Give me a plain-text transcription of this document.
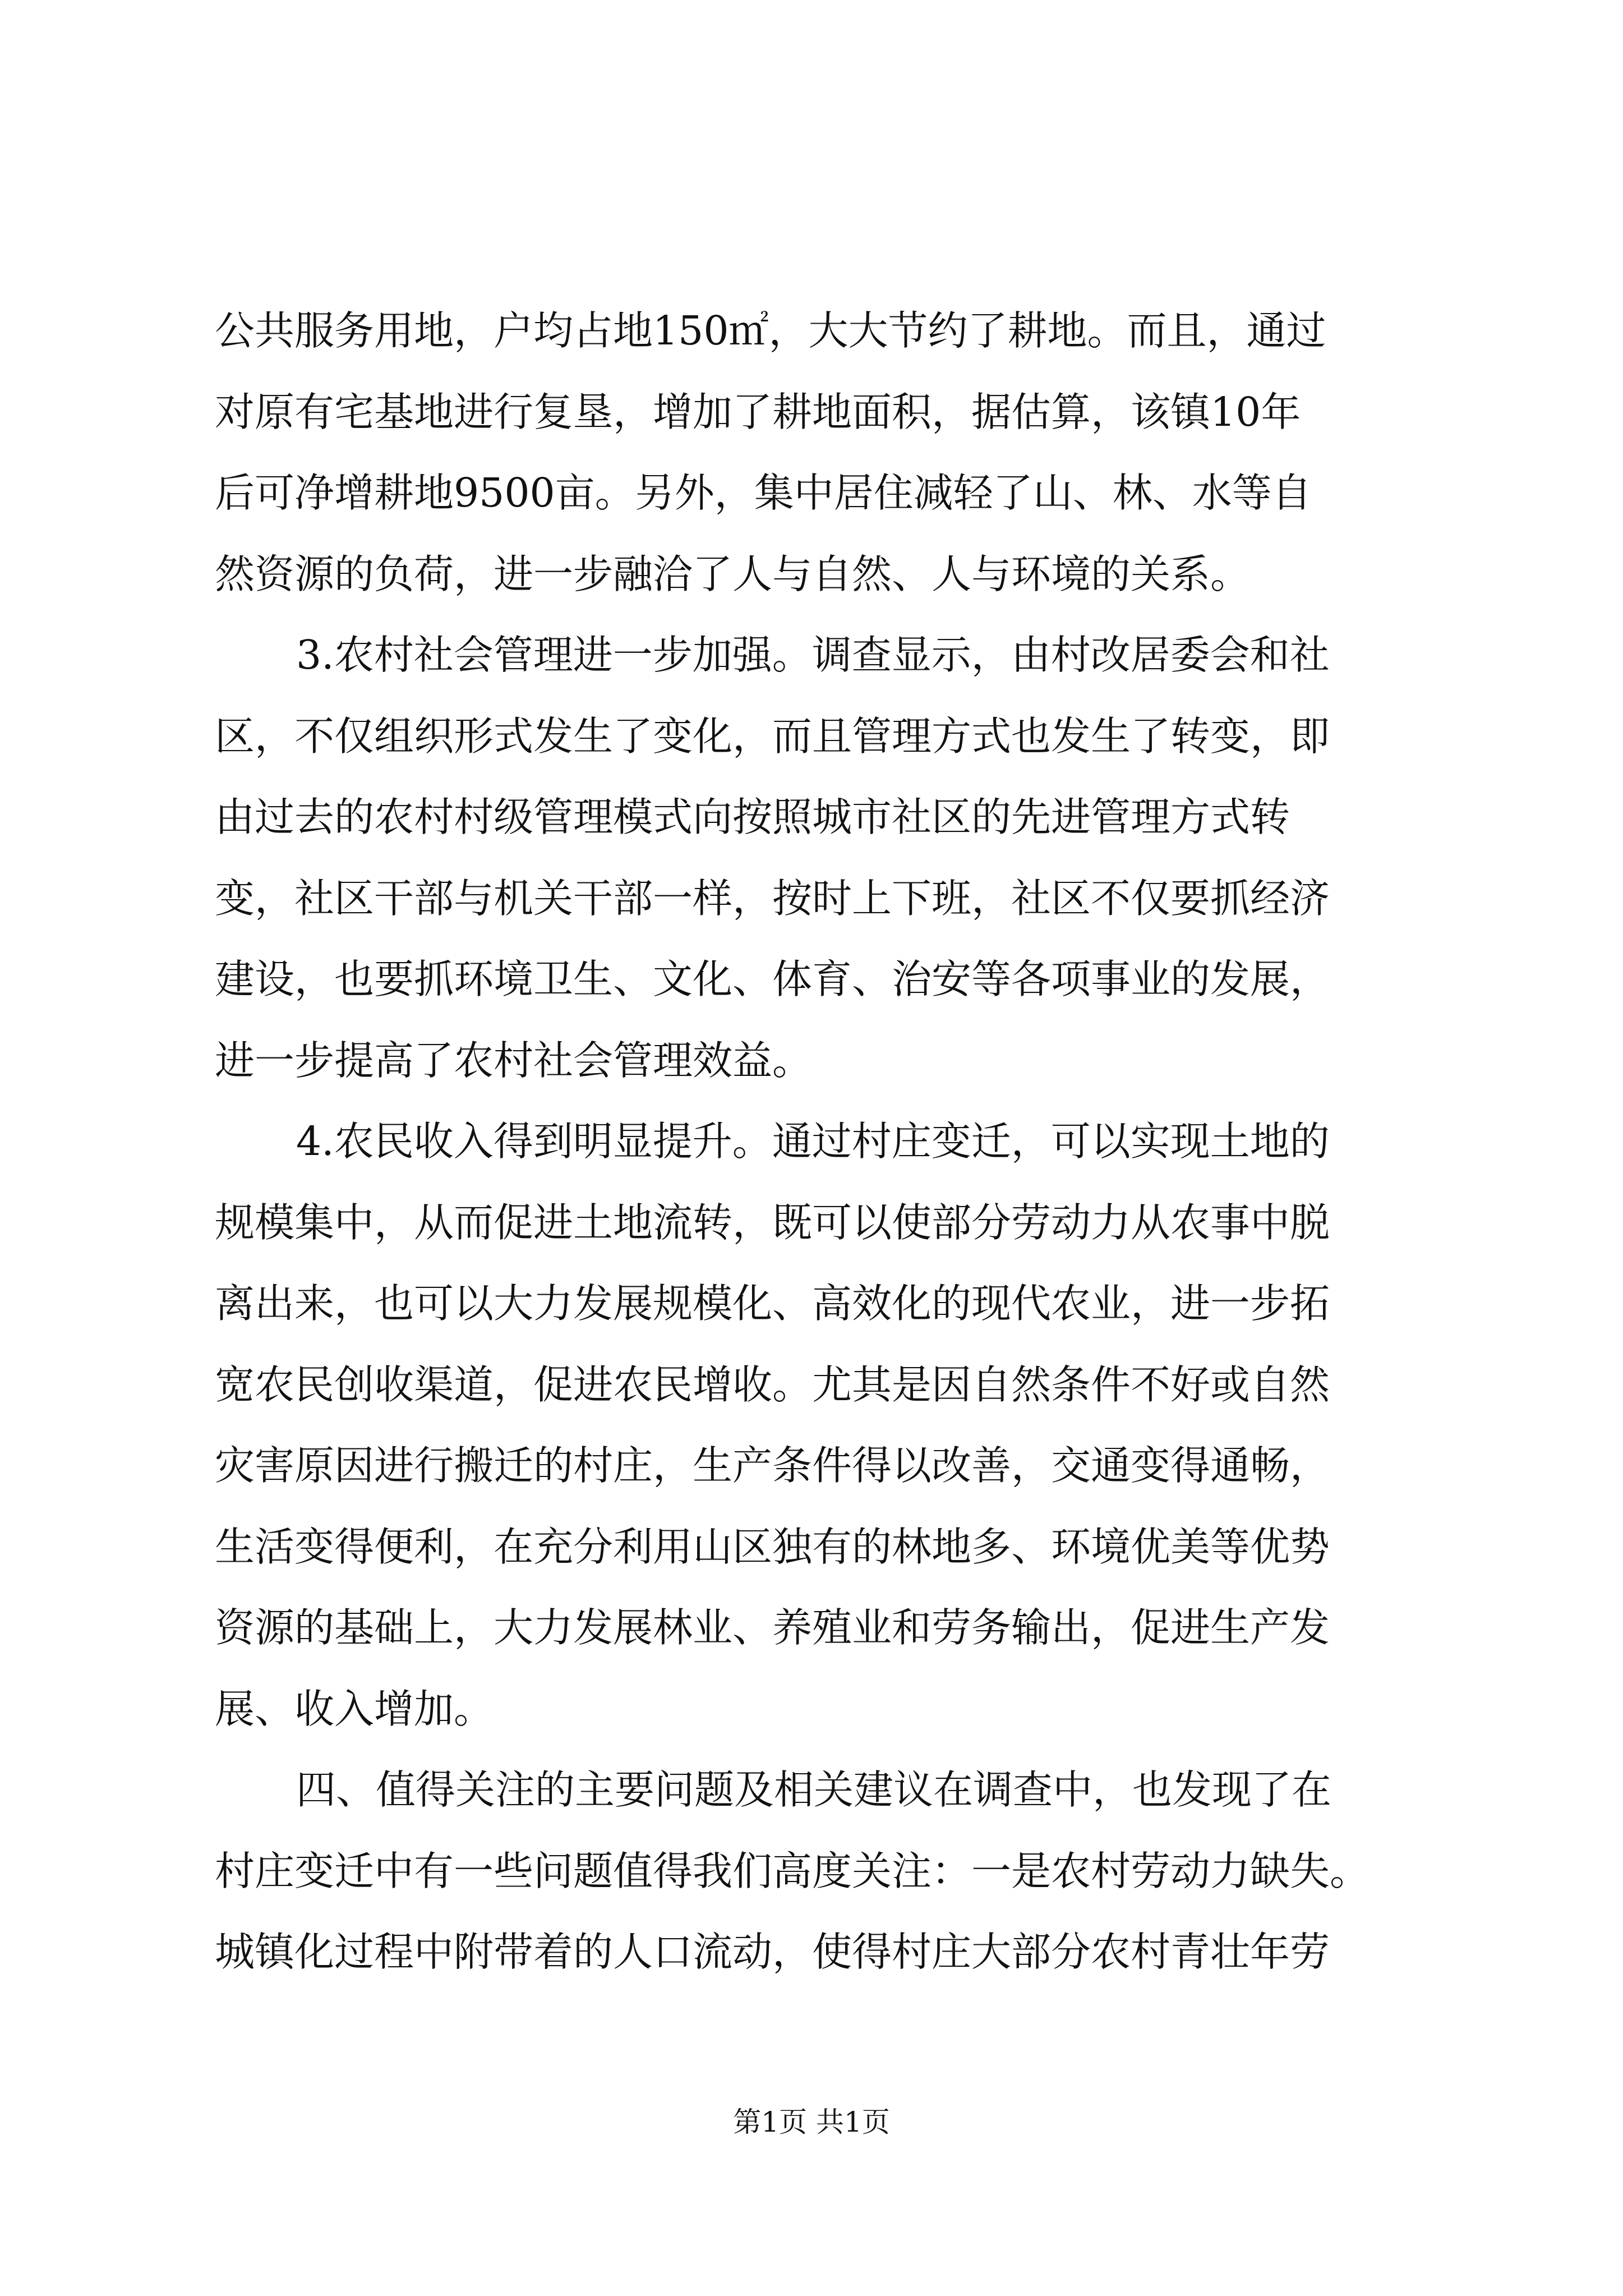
公共服务用地，户均占地150㎡，大大节约了耕地。而且，通过
对原有宅基地进行复垦，增加了耕地面积，据估算，该镇10年
后可净增耕地9500亩。另外，集中居住减轻了山、林、水等自
然资源的负荷，进一步融洽了人与自然、人与环境的关系。
3.农村社会管理进一步加强。调查显示，由村改居委会和社
区，不仅组织形式发生了变化，而且管理方式也发生了转变，即
由过去的农村村级管理模式向按照城市社区的先进管理方式转
变，社区干部与机关干部一样，按时上下班，社区不仅要抓经济
建设，也要抓环境卫生、文化、体育、治安等各项事业的发展，
进一步提高了农村社会管理效益。
4.农民收入得到明显提升。通过村庄变迁，可以实现土地的
规模集中，从而促进土地流转，既可以使部分劳动力从农事中脱
离出来，也可以大力发展规模化、高效化的现代农业，进一步拓
宽农民创收渠道，促进农民增收。尤其是因自然条件不好或自然
灾害原因进行搬迁的村庄，生产条件得以改善，交通变得通畅，
生活变得便利，在充分利用山区独有的林地多、环境优美等优势
资源的基础上，大力发展林业、养殖业和劳务输出，促进生产发
展、收入增加。
四、值得关注的主要问题及相关建议在调查中，也发现了在
村庄变迁中有一些问题值得我们高度关注：一是农村劳动力缺失。
城镇化过程中附带着的人口流动，使得村庄大部分农村青壮年劳
第1页 共1页
